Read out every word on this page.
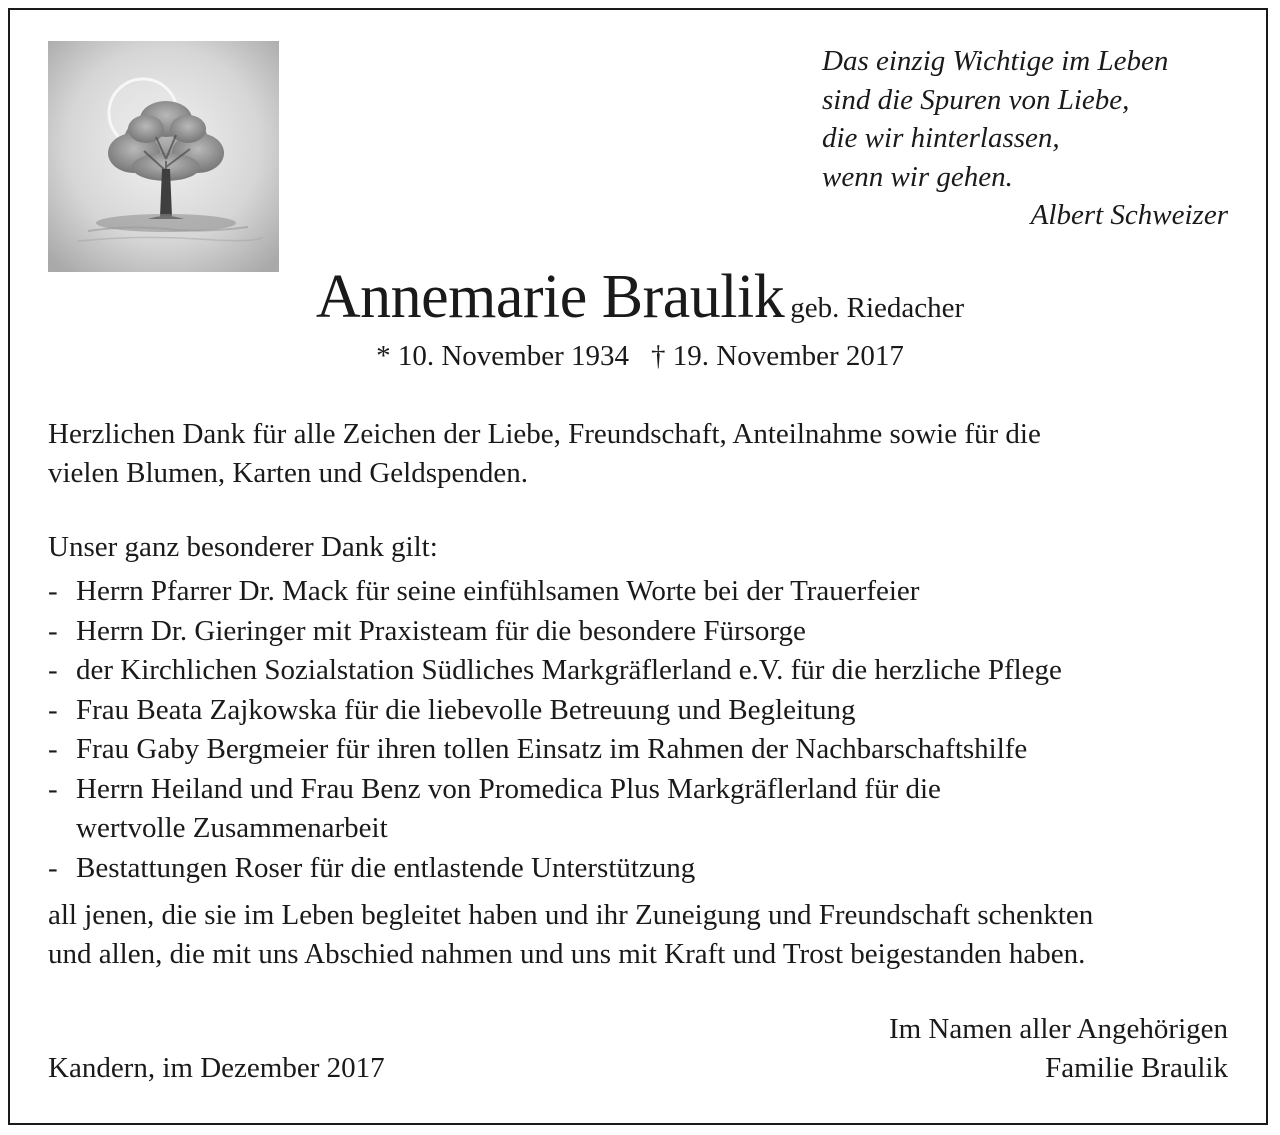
Das einzig Wichtige im Leben
sind die Spuren von Liebe,
die wir hinterlassen,
wenn wir gehen.
Albert Schweizer
Annemarie Braulik geb. Riedacher
* 10. November 1934 † 19. November 2017
Herzlichen Dank für alle Zeichen der Liebe, Freundschaft, Anteilnahme sowie für die
vielen Blumen, Karten und Geldspenden.
Unser ganz besonderer Dank gilt:
- Herrn Pfarrer Dr. Mack für seine einfühlsamen Worte bei der Trauerfeier
- Herrn Dr. Gieringer mit Praxisteam für die besondere Fürsorge
- der Kirchlichen Sozialstation Südliches Markgräflerland e.V. für die herzliche Pflege
- Frau Beata Zajkowska für die liebevolle Betreuung und Begleitung
- Frau Gaby Bergmeier für ihren tollen Einsatz im Rahmen der Nachbarschaftshilfe
- Herrn Heiland und Frau Benz von Promedica Plus Markgräflerland für die
wertvolle Zusammenarbeit
- Bestattungen Roser für die entlastende Unterstützung
all jenen, die sie im Leben begleitet haben und ihr Zuneigung und Freundschaft schenkten
und allen, die mit uns Abschied nahmen und uns mit Kraft und Trost beigestanden haben.
Im Namen aller Angehörigen
Familie Braulik
Kandern, im Dezember 2017
